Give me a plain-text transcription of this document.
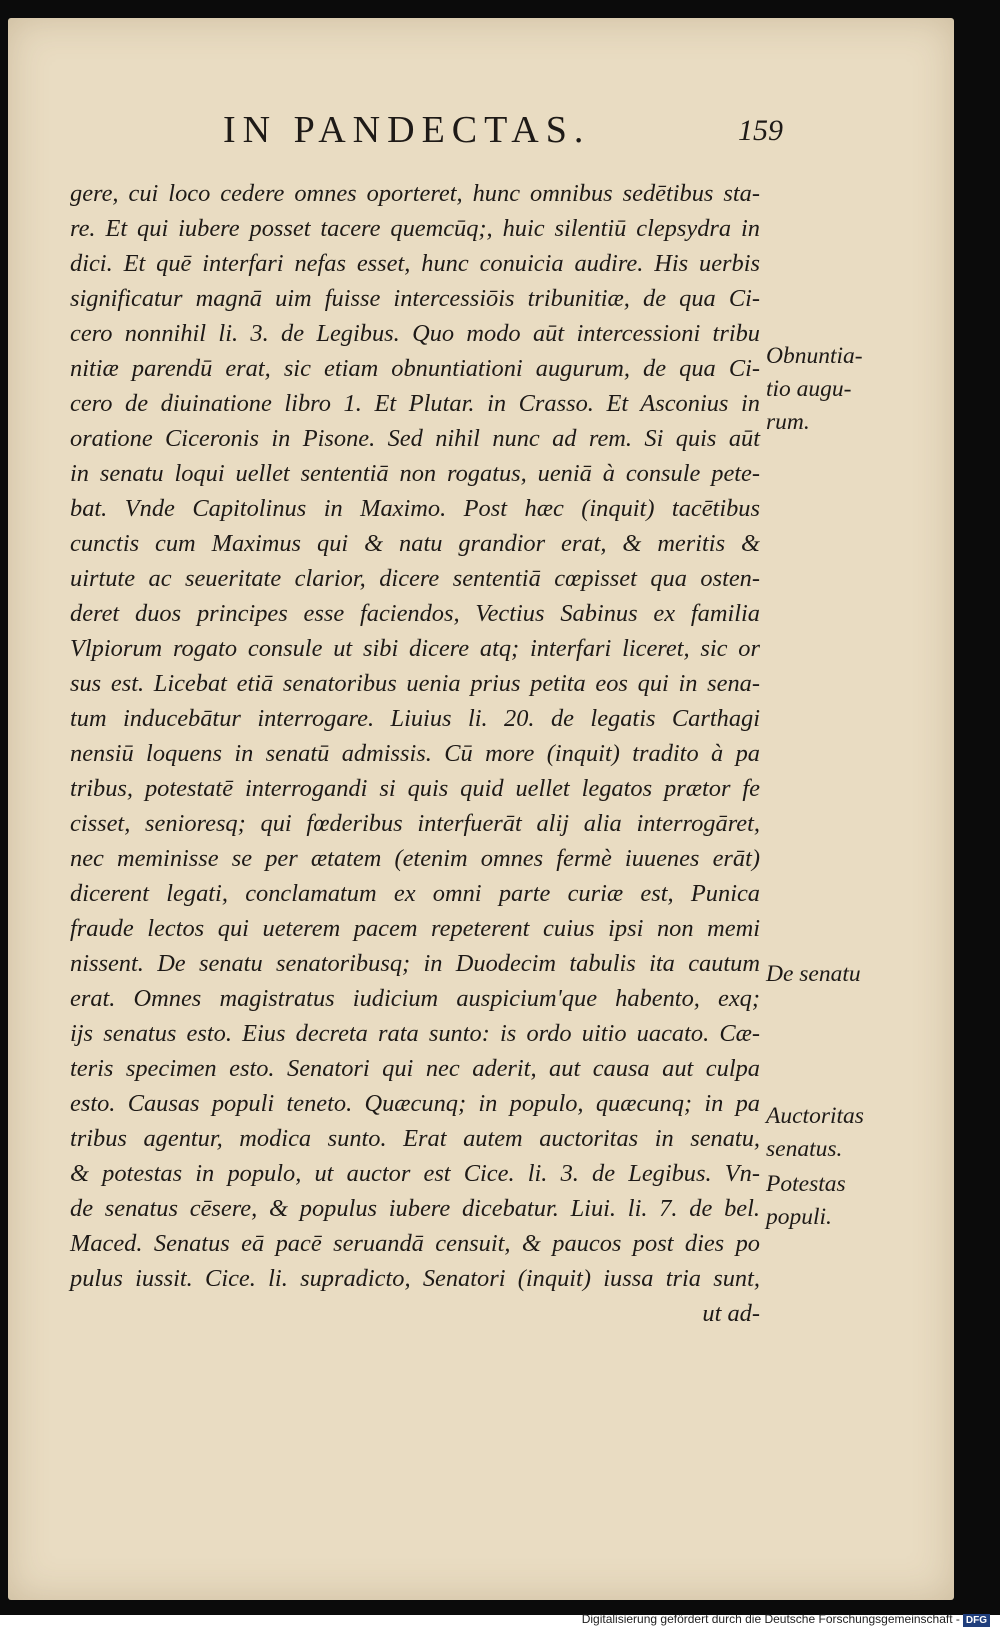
IN PANDECTAS.	159
gere, cui loco cedere omnes oporteret, hunc omnibus sedētibus sta-
re. Et qui iubere posset tacere quemcūq;, huic silentiū clepsydra in
dici. Et quē interfari nefas esset, hunc conuicia audire. His uerbis
significatur magnā uim fuisse intercessiōis tribunitiæ, de qua Ci-
cero nonnihil li. 3. de Legibus. Quo modo aūt intercessioni tribu
nitiæ parendū erat, sic etiam obnuntiationi augurum, de qua Ci-
cero de diuinatione libro 1. Et Plutar. in Crasso. Et Asconius in
oratione Ciceronis in Pisone. Sed nihil nunc ad rem. Si quis aūt
in senatu loqui uellet sententiā non rogatus, ueniā à consule pete-
bat. Vnde Capitolinus in Maximo. Post hæc (inquit) tacētibus
cunctis cum Maximus qui & natu grandior erat, & meritis &
uirtute ac seueritate clarior, dicere sententiā cœpisset qua osten-
deret duos principes esse faciendos, Vectius Sabinus ex familia
Vlpiorum rogato consule ut sibi dicere atq; interfari liceret, sic or
sus est. Licebat etiā senatoribus uenia prius petita eos qui in sena-
tum inducebātur interrogare. Liuius li. 20. de legatis Carthagi
nensiū loquens in senatū admissis. Cū more (inquit) tradito à pa
tribus, potestatē interrogandi si quis quid uellet legatos prætor fe
cisset, senioresq; qui fœderibus interfuerāt alij alia interrogāret,
nec meminisse se per ætatem (etenim omnes fermè iuuenes erāt)
dicerent legati, conclamatum ex omni parte curiæ est, Punica
fraude lectos qui ueterem pacem repeterent cuius ipsi non memi
nissent. De senatu senatoribusq; in Duodecim tabulis ita cautum
erat. Omnes magistratus iudicium auspicium'que habento, exq;
ijs senatus esto. Eius decreta rata sunto: is ordo uitio uacato. Cæ-
teris specimen esto. Senatori qui nec aderit, aut causa aut culpa
esto. Causas populi teneto. Quæcunq; in populo, quæcunq; in pa
tribus agentur, modica sunto. Erat autem auctoritas in senatu,
& potestas in populo, ut auctor est Cice. li. 3. de Legibus. Vn-
de senatus cēsere, & populus iubere dicebatur. Liui. li. 7. de bel.
Maced. Senatus eā pacē seruandā censuit, & paucos post dies po
pulus iussit. Cice. li. supradicto, Senatori (inquit) iussa tria sunt,
ut ad-
Obnuntia-
tio augu-
rum.
De senatu
Auctoritas
senatus.
Potestas
populi.
Digitalisierung gefördert durch die Deutsche Forschungsgemeinschaft - DFG
